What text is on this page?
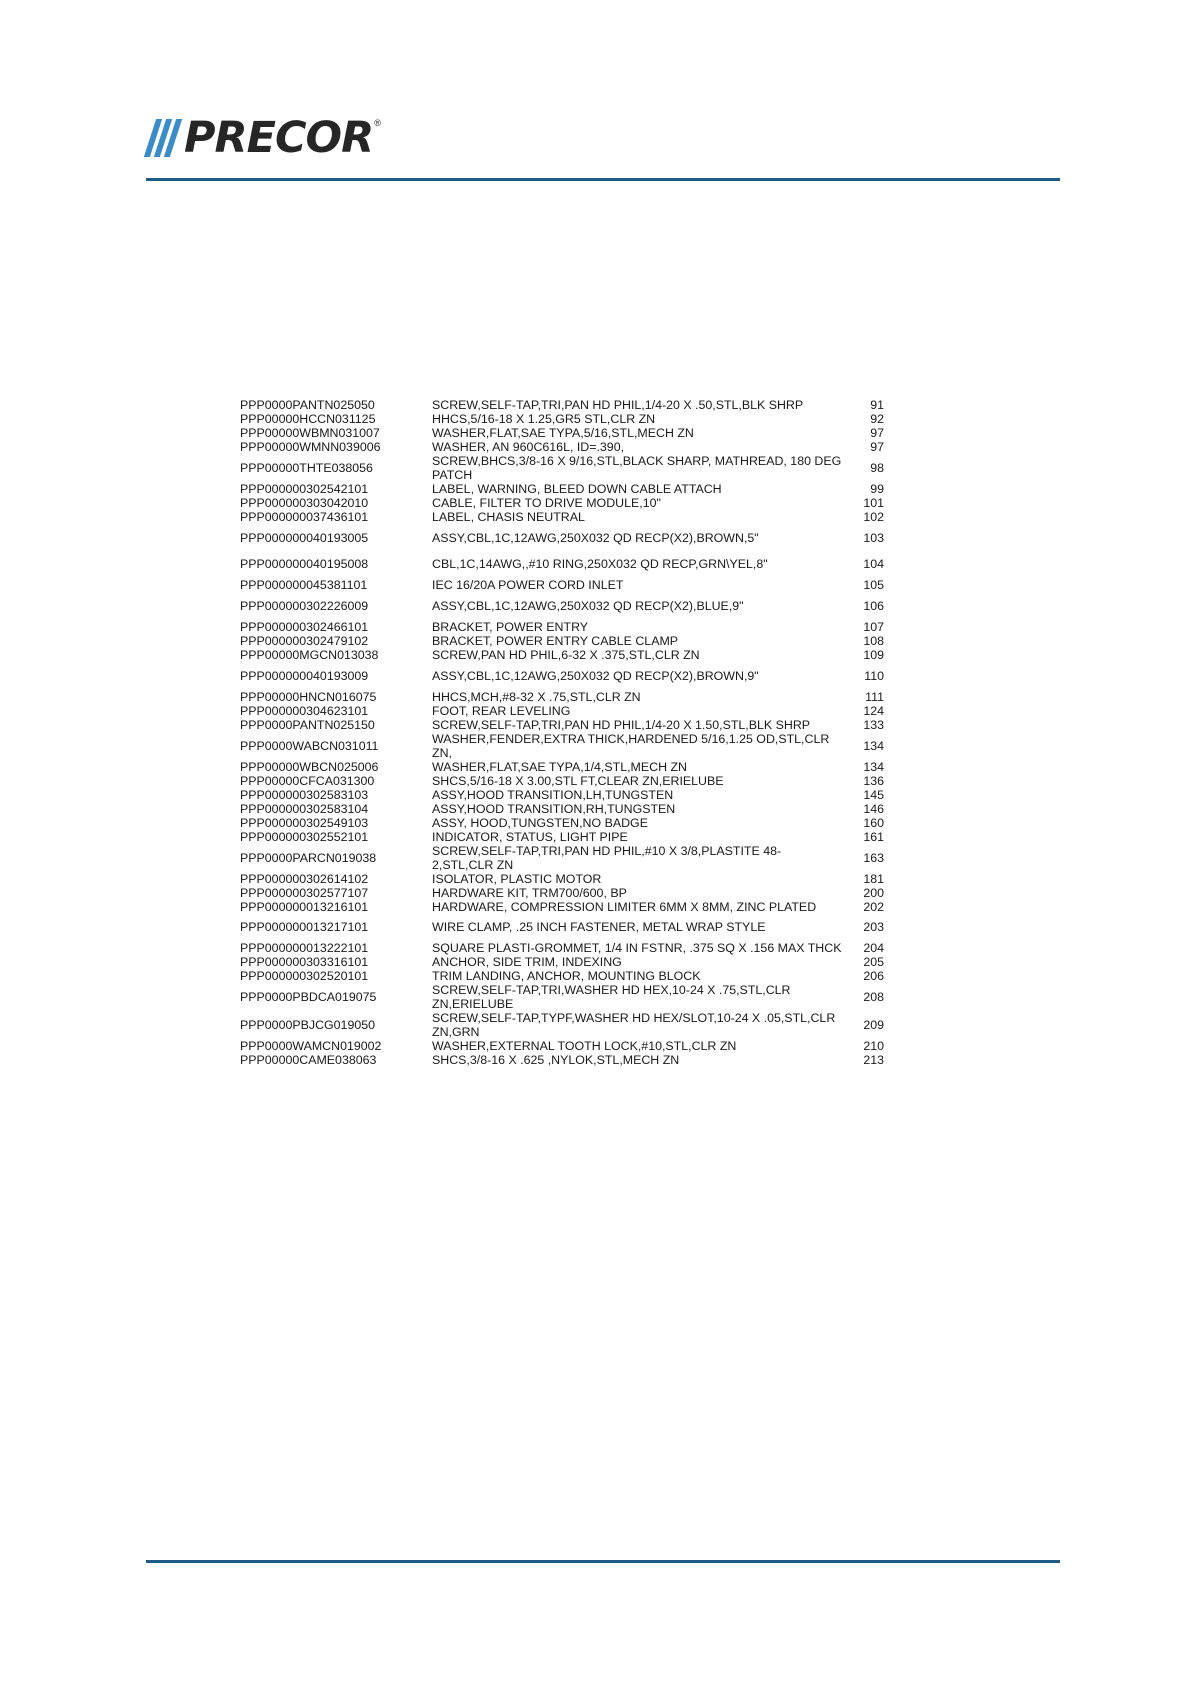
PRECOR ®
PPP0000PANTN025050	SCREW,SELF-TAP,TRI,PAN HD PHIL,1/4-20 X .50,STL,BLK SHRP	91
PPP00000HCCN031125	HHCS,5/16-18 X 1.25,GR5 STL,CLR ZN	92
PPP00000WBMN031007	WASHER,FLAT,SAE TYPA,5/16,STL,MECH ZN	97
PPP00000WMNN039006	WASHER, AN 960C616L, ID=.390,	97
PPP00000THTE038056	SCREW,BHCS,3/8-16 X 9/16,STL,BLACK SHARP, MATHREAD, 180 DEG PATCH	98
PPP000000302542101	LABEL, WARNING, BLEED DOWN CABLE ATTACH	99
PPP000000303042010	CABLE, FILTER TO DRIVE MODULE,10"	101
PPP000000037436101	LABEL, CHASIS NEUTRAL	102
PPP000000040193005	ASSY,CBL,1C,12AWG,250X032 QD RECP(X2),BROWN,5"	103
PPP000000040195008	CBL,1C,14AWG,,#10 RING,250X032 QD RECP,GRN\YEL,8"	104
PPP000000045381101	IEC 16/20A POWER CORD INLET	105
PPP000000302226009	ASSY,CBL,1C,12AWG,250X032 QD RECP(X2),BLUE,9"	106
PPP000000302466101	BRACKET, POWER ENTRY	107
PPP000000302479102	BRACKET, POWER ENTRY CABLE CLAMP	108
PPP00000MGCN013038	SCREW,PAN HD PHIL,6-32 X .375,STL,CLR ZN	109
PPP000000040193009	ASSY,CBL,1C,12AWG,250X032 QD RECP(X2),BROWN,9"	110
PPP00000HNCN016075	HHCS,MCH,#8-32 X .75,STL,CLR ZN	111
PPP000000304623101	FOOT, REAR LEVELING	124
PPP0000PANTN025150	SCREW,SELF-TAP,TRI,PAN HD PHIL,1/4-20 X 1.50,STL,BLK SHRP	133
PPP0000WABCN031011	WASHER,FENDER,EXTRA THICK,HARDENED 5/16,1.25 OD,STL,CLR ZN,	134
PPP00000WBCN025006	WASHER,FLAT,SAE TYPA,1/4,STL,MECH ZN	134
PPP00000CFCA031300	SHCS,5/16-18 X 3.00,STL FT,CLEAR ZN,ERIELUBE	136
PPP000000302583103	ASSY,HOOD TRANSITION,LH,TUNGSTEN	145
PPP000000302583104	ASSY,HOOD TRANSITION,RH,TUNGSTEN	146
PPP000000302549103	ASSY, HOOD,TUNGSTEN,NO BADGE	160
PPP000000302552101	INDICATOR, STATUS, LIGHT PIPE	161
PPP0000PARCN019038	SCREW,SELF-TAP,TRI,PAN HD PHIL,#10 X 3/8,PLASTITE 48-2,STL,CLR ZN	163
PPP000000302614102	ISOLATOR, PLASTIC MOTOR	181
PPP000000302577107	HARDWARE KIT, TRM700/600, BP	200
PPP000000013216101	HARDWARE, COMPRESSION LIMITER 6MM X 8MM, ZINC PLATED	202
PPP000000013217101	WIRE CLAMP, .25 INCH FASTENER, METAL WRAP STYLE	203
PPP000000013222101	SQUARE PLASTI-GROMMET, 1/4 IN FSTNR, .375 SQ X .156 MAX THCK	204
PPP000000303316101	ANCHOR, SIDE TRIM, INDEXING	205
PPP000000302520101	TRIM LANDING, ANCHOR, MOUNTING BLOCK	206
PPP0000PBDCA019075	SCREW,SELF-TAP,TRI,WASHER HD HEX,10-24 X .75,STL,CLR ZN,ERIELUBE	208
PPP0000PBJCG019050	SCREW,SELF-TAP,TYPF,WASHER HD HEX/SLOT,10-24 X .05,STL,CLR ZN,GRN	209
PPP0000WAMCN019002	WASHER,EXTERNAL TOOTH LOCK,#10,STL,CLR ZN	210
PPP00000CAME038063	SHCS,3/8-16 X .625 ,NYLOK,STL,MECH ZN	213
